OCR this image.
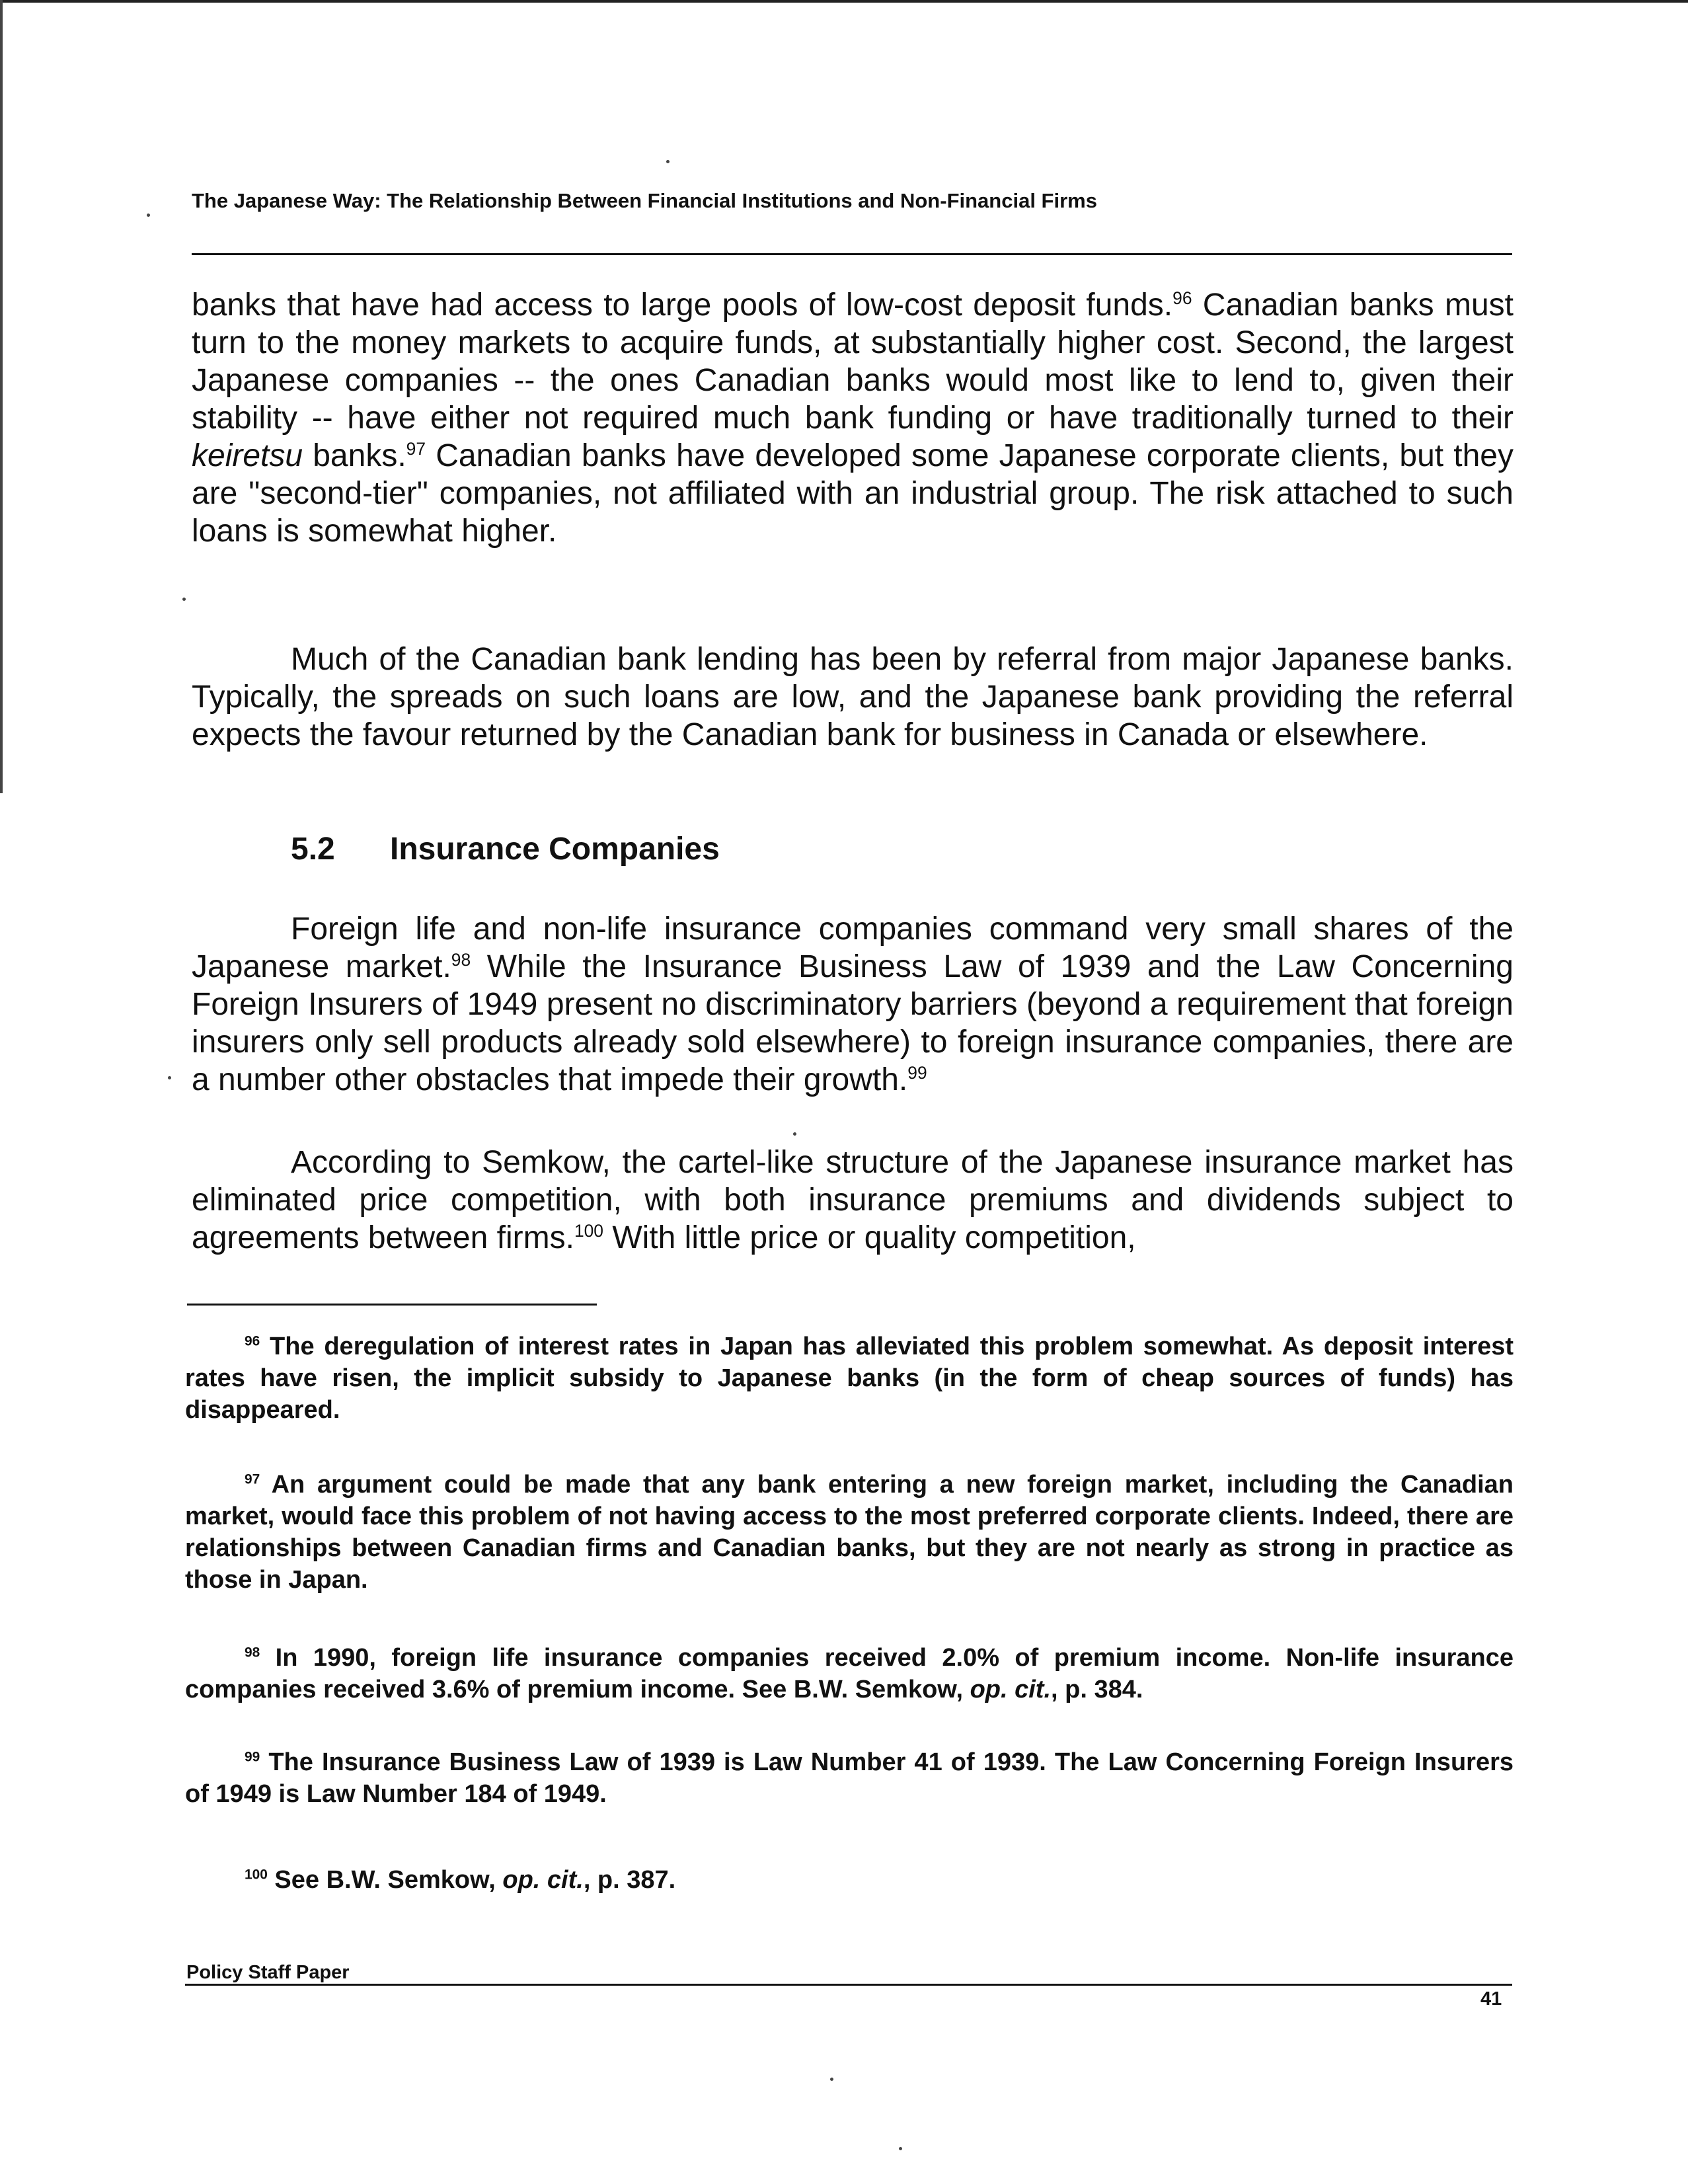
The Japanese Way: The Relationship Between Financial Institutions and Non-Financial Firms

banks that have had access to large pools of low-cost deposit funds.$^{96}$ Canadian banks must turn to the money markets to acquire funds, at substantially higher cost. Second, the largest Japanese companies -- the ones Canadian banks would most like to lend to, given their stability -- have either not required much bank funding or have traditionally turned to their keiretsu banks.$^{97}$ Canadian banks have developed some Japanese corporate clients, but they are "second-tier" companies, not affiliated with an industrial group. The risk attached to such loans is somewhat higher.

Much of the Canadian bank lending has been by referral from major Japanese banks. Typically, the spreads on such loans are low, and the Japanese bank providing the referral expects the favour returned by the Canadian bank for business in Canada or elsewhere.

5.2 Insurance Companies

Foreign life and non-life insurance companies command very small shares of the Japanese market.$^{98}$ While the Insurance Business Law of 1939 and the Law Concerning Foreign Insurers of 1949 present no discriminatory barriers (beyond a requirement that foreign insurers only sell products already sold elsewhere) to foreign insurance companies, there are a number other obstacles that impede their growth.$^{99}$

According to Semkow, the cartel-like structure of the Japanese insurance market has eliminated price competition, with both insurance premiums and dividends subject to agreements between firms.$^{100}$ With little price or quality competition,

$^{96}$ The deregulation of interest rates in Japan has alleviated this problem somewhat. As deposit interest rates have risen, the implicit subsidy to Japanese banks (in the form of cheap sources of funds) has disappeared.

$^{97}$ An argument could be made that any bank entering a new foreign market, including the Canadian market, would face this problem of not having access to the most preferred corporate clients. Indeed, there are relationships between Canadian firms and Canadian banks, but they are not nearly as strong in practice as those in Japan.

$^{98}$ In 1990, foreign life insurance companies received 2.0% of premium income. Non-life insurance companies received 3.6% of premium income. See B.W. Semkow, op. cit., p. 384.

$^{99}$ The Insurance Business Law of 1939 is Law Number 41 of 1939. The Law Concerning Foreign Insurers of 1949 is Law Number 184 of 1949.

$^{100}$ See B.W. Semkow, op. cit., p. 387.

Policy Staff Paper
41
